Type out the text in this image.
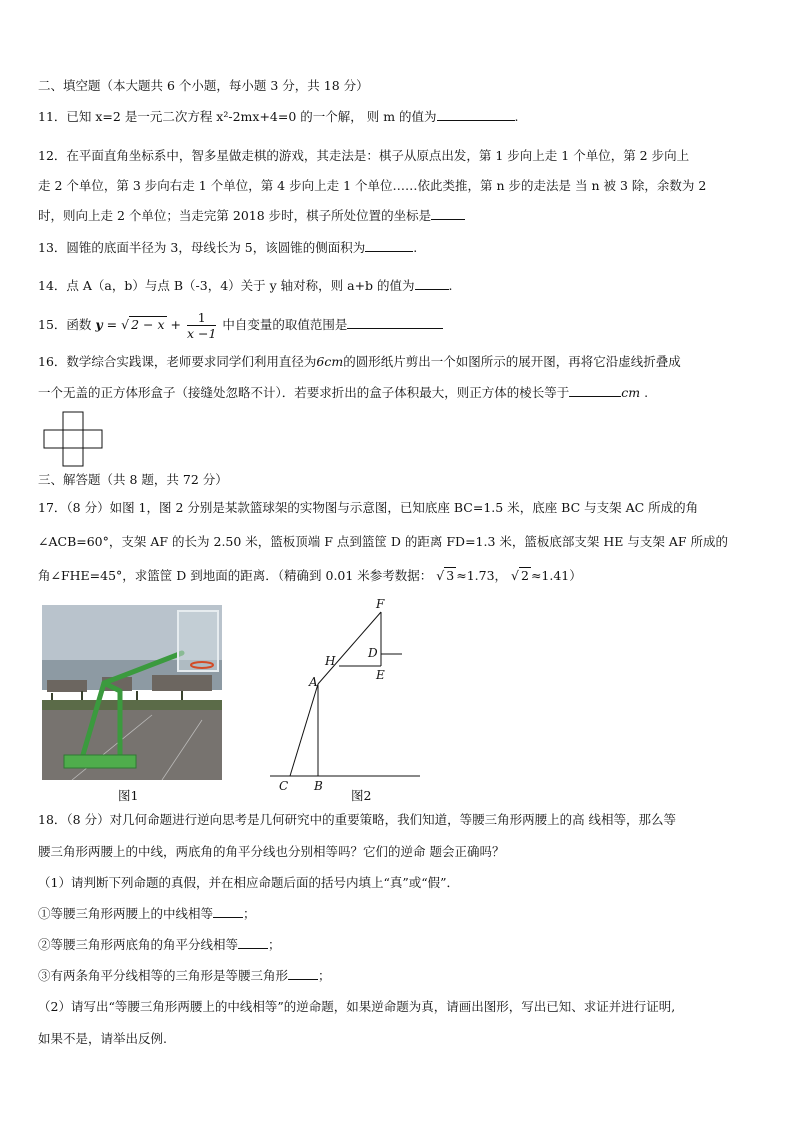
二、填空题（本大题共 6 个小题，每小题 3 分，共 18 分）
11．已知 x=2 是一元二次方程 x²-2mx+4=0 的一个解， 则 m 的值为	.
12．在平面直角坐标系中，智多星做走棋的游戏，其走法是：棋子从原点出发，第 1 步向上走 1 个单位，第 2 步向上
走 2 个单位，第 3 步向右走 1 个单位，第 4 步向上走 1 个单位……依此类推，第 n 步的走法是 当 n 被 3 除，余数为 2
时，则向上走 2 个单位；当走完第 2018 步时，棋子所处位置的坐标是
13．圆锥的底面半径为 3，母线长为 5，该圆锥的侧面积为	.
14．点 A（a，b）与点 B（-3，4）关于 y 轴对称，则 a+b 的值为	.
15．函数 y = √ $2 - x + \frac{1}{x -1}$ 中自变量的取值范围是
16．数学综合实践课，老师要求同学们利用直径为6cm的圆形纸片剪出一个如图所示的展开图，再将它沿虚线折叠成
一个无盖的正方体形盒子（接缝处忽略不计）．若要求折出的盒子体积最大，则正方体的棱长等于	cm .
三、解答题（共 8 题，共 72 分）
17．（8 分）如图 1，图 2 分别是某款篮球架的实物图与示意图，已知底座 BC=1.5 米，底座 BC 与支架 AC 所成的角
∠ACB=60°，支架 AF 的长为 2.50 米，篮板顶端 F 点到篮筐 D 的距离 FD=1.3 米，篮板底部支架 HE 与支架 AF 所成的
角∠FHE=45°，求篮筐 D 到地面的距离．（精确到 0.01 米参考数据： √ 3 ≈1.73， √ 2 ≈1.41）
F
D
H
E
A
C B
图1	图2
18．（8 分）对几何命题进行逆向思考是几何研究中的重要策略，我们知道，等腰三角形两腰上的高 线相等，那么等
腰三角形两腰上的中线，两底角的角平分线也分别相等吗？它们的逆命 题会正确吗？
（1）请判断下列命题的真假，并在相应命题后面的括号内填上“真”或“假”．
①等腰三角形两腰上的中线相等 ；
②等腰三角形两底角的角平分线相等 ；
③有两条角平分线相等的三角形是等腰三角形 ；
（2）请写出“等腰三角形两腰上的中线相等”的逆命题，如果逆命题为真，请画出图形，写出已知、求证并进行证明,
如果不是，请举出反例.
